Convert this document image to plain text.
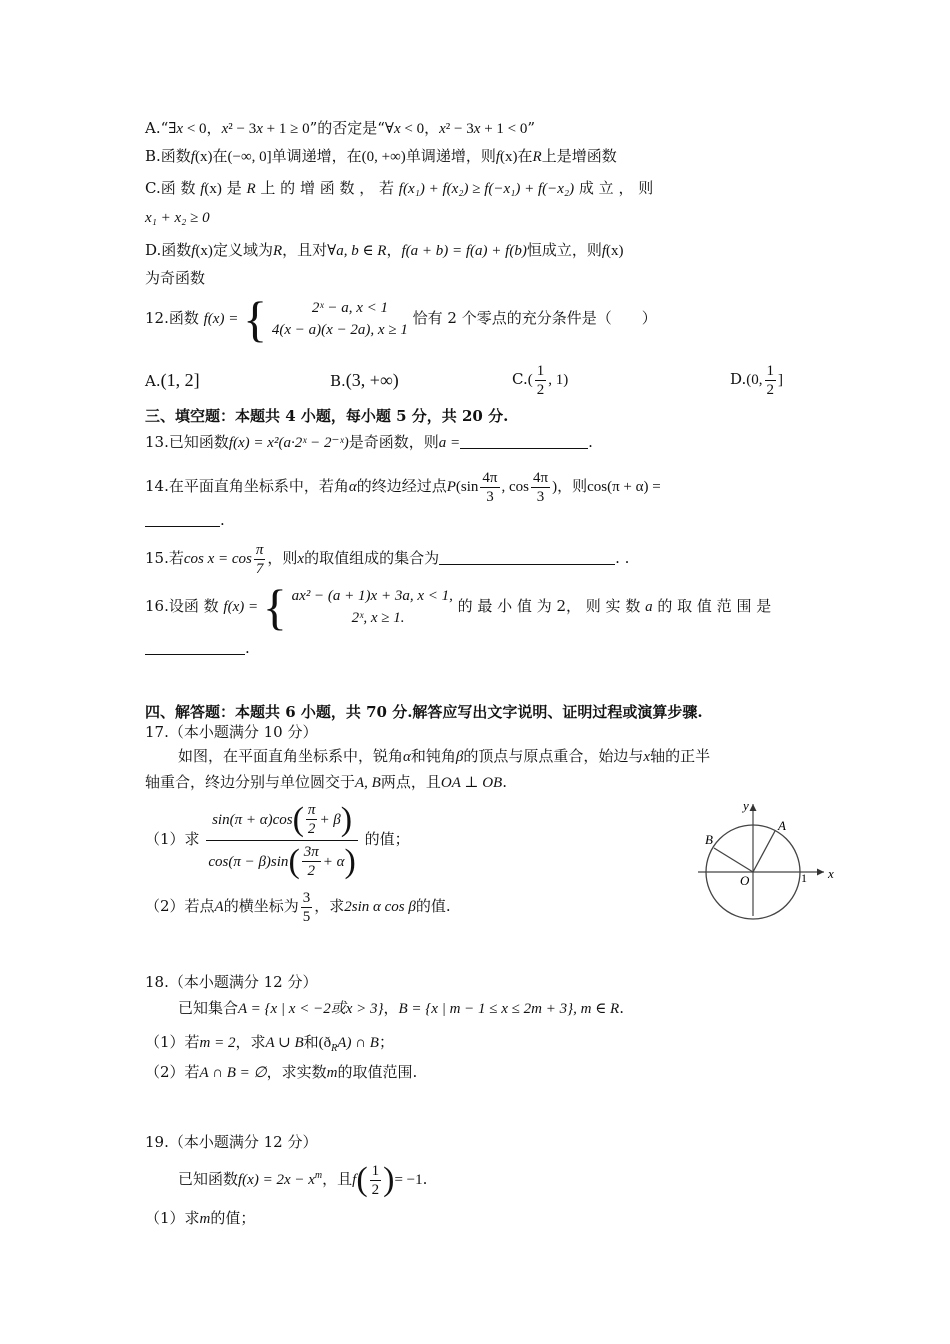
A.“∃x < 0，x² − 3x + 1 ≥ 0”的否定是“∀x < 0，x² − 3x + 1 < 0”
B.函数f(x)在(−∞, 0]单调递增，在(0, +∞)单调递增，则f(x)在R上是增函数
C.函 数 f(x) 是 R 上 的 增 函 数 ， 若 f(x₁) + f(x₂) ≥ f(−x₁) + f(−x₂) 成 立 ， 则
x₁ + x₂ ≥ 0
D.函数f(x)定义域为R，且对∀a, b ∈ R，f(a + b) = f(a) + f(b)恒成立，则f(x)
为奇函数
12.函数 f(x) = {	2ˣ − a, x < 1
4(x − a)(x − 2a), x ≥ 1
恰有 2 个零点的充分条件是（　　）
A.(1, 2]	B.(3, +∞)	$C.( \frac{1}{2}$ , 1)	D.(0, $\frac{1}{2}$ ]
三、填空题：本题共 4 小题，每小题 5 分，共 20 分.
13.已知函数f(x) = x²(a·2ˣ − 2⁻ˣ)是奇函数，则a =	.
14.在平面直角坐标系中，若角α的终边经过点$P(\sin \frac{4\pi}{3}$ , $\cos \frac{4\pi}{3}$ )，则cos(π + α) =
.
15.若$\cos x = \cos \frac{\pi}{7}$ ，则x的取值组成的集合为	. .
16.设函 数 f(x) = { ax² − (a + 1)x + 3a, x < 1,
2ˣ, x ≥ 1.
的 最 小 值 为 2， 则 实 数 a 的 取 值 范 围 是
.
四、解答题：本题共 6 小题，共 70 分.解答应写出文字说明、证明过程或演算步骤.
17.（本小题满分 10 分）
如图，在平面直角坐标系中，锐角α和钝角β的顶点与原点重合，始边与x轴的正半
轴重合，终边分别与单位圆交于A, B两点，且OA ⊥ OB.
（1）求 $\frac{\sin(\pi + \alpha)\cos( \frac{\pi}{2} + \beta)}{\cos(\pi - \beta)\sin( \frac{3\pi}{2} + \alpha)}$ 的值；
（2）若点A的横坐标为 $\frac{3}{5}$ ，求2sin α cos β的值.
y
x
1
O
A
B
18.（本小题满分 12 分）
已知集合A = {x | x < −2或x > 3}，B = {x | m − 1 ≤ x ≤ 2m + 3}, m ∈ R.
（1）若m = 2，求A ∪ B和$(ð_RA)$ ∩ B；
（2）若A ∩ B = ∅，求实数m的取值范围.
19.（本小题满分 12 分）
已知函数$f(x) = 2x - x^m$，且$f( \frac{1}{2}$ )= −1.
（1）求m的值；
